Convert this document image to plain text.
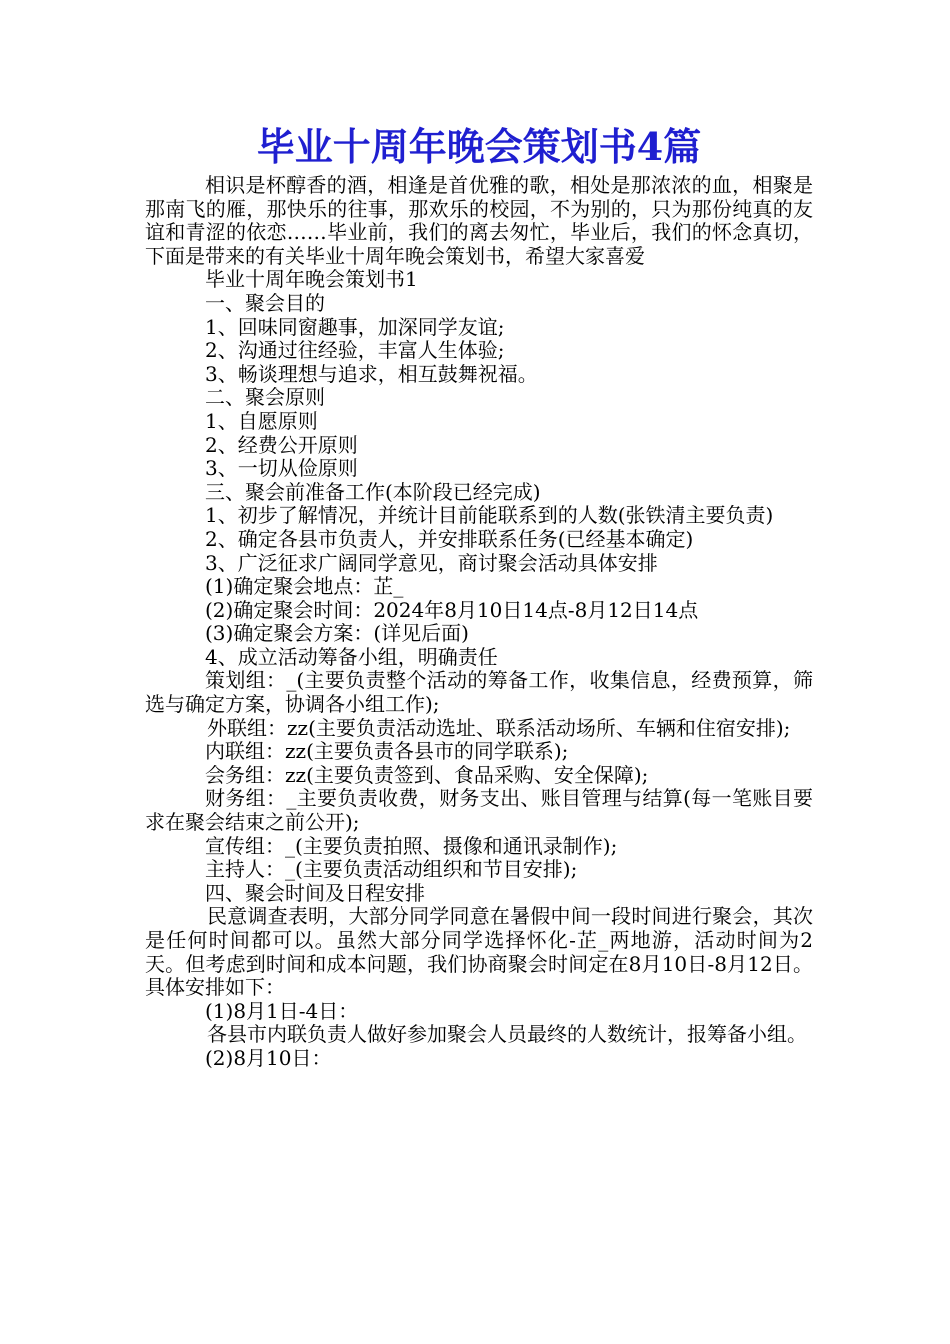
毕业十周年晚会策划书4篇

相识是杯醇香的酒，相逢是首优雅的歌，相处是那浓浓的血，相聚是那南飞的雁，那快乐的往事，那欢乐的校园，不为别的，只为那份纯真的友谊和青涩的依恋……毕业前，我们的离去匆忙，毕业后，我们的怀念真切，下面是带来的有关毕业十周年晚会策划书，希望大家喜爱

毕业十周年晚会策划书1

一、聚会目的

1、回味同窗趣事，加深同学友谊;

2、沟通过往经验，丰富人生体验;

3、畅谈理想与追求，相互鼓舞祝福。

二、聚会原则

1、自愿原则

2、经费公开原则

3、一切从俭原则

三、聚会前准备工作(本阶段已经完成)

1、初步了解情况，并统计目前能联系到的人数(张铁清主要负责)

2、确定各县市负责人，并安排联系任务(已经基本确定)

3、广泛征求广阔同学意见，商讨聚会活动具体安排

(1)确定聚会地点：芷_

(2)确定聚会时间：2024年8月10日14点-8月12日14点

(3)确定聚会方案：(详见后面)

4、成立活动筹备小组，明确责任

策划组：_(主要负责整个活动的筹备工作，收集信息，经费预算，筛选与确定方案，协调各小组工作);

外联组：zz(主要负责活动选址、联系活动场所、车辆和住宿安排);

内联组：zz(主要负责各县市的同学联系);

会务组：zz(主要负责签到、食品采购、安全保障);

财务组：_主要负责收费，财务支出、账目管理与结算(每一笔账目要求在聚会结束之前公开);

宣传组：_(主要负责拍照、摄像和通讯录制作);

主持人：_(主要负责活动组织和节目安排);

四、聚会时间及日程安排

民意调查表明，大部分同学同意在暑假中间一段时间进行聚会，其次是任何时间都可以。虽然大部分同学选择怀化-芷_两地游，活动时间为2天。但考虑到时间和成本问题，我们协商聚会时间定在8月10日-8月12日。具体安排如下：

(1)8月1日-4日：

各县市内联负责人做好参加聚会人员最终的人数统计，报筹备小组。

(2)8月10日：
